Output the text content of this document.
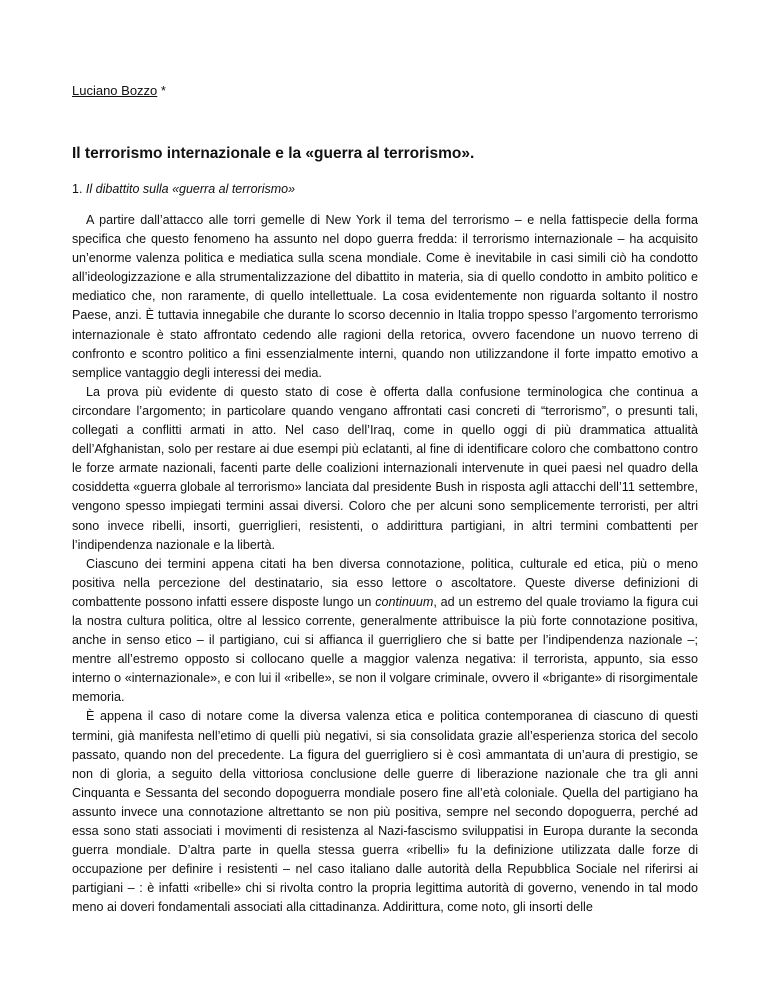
Luciano Bozzo *
Il terrorismo internazionale e la «guerra al terrorismo».
1. Il dibattito sulla «guerra al terrorismo»

A partire dall’attacco alle torri gemelle di New York il tema del terrorismo – e nella fattispecie della forma specifica che questo fenomeno ha assunto nel dopo guerra fredda: il terrorismo internazionale – ha acquisito un’enorme valenza politica e mediatica sulla scena mondiale. Come è inevitabile in casi simili ciò ha condotto all’ideologizzazione e alla strumentalizzazione del dibattito in materia, sia di quello condotto in ambito politico e mediatico che, non raramente, di quello intellettuale. La cosa evidentemente non riguarda soltanto il nostro Paese, anzi. È tuttavia innegabile che durante lo scorso decennio in Italia troppo spesso l’argomento terrorismo internazionale è stato affrontato cedendo alle ragioni della retorica, ovvero facendone un nuovo terreno di confronto e scontro politico a fini essenzialmente interni, quando non utilizzandone il forte impatto emotivo a semplice vantaggio degli interessi dei media.

La prova più evidente di questo stato di cose è offerta dalla confusione terminologica che continua a circondare l’argomento; in particolare quando vengano affrontati casi concreti di “terrorismo”, o presunti tali, collegati a conflitti armati in atto. Nel caso dell’Iraq, come in quello oggi di più drammatica attualità dell’Afghanistan, solo per restare ai due esempi più eclatanti, al fine di identificare coloro che combattono contro le forze armate nazionali, facenti parte delle coalizioni internazionali intervenute in quei paesi nel quadro della cosiddetta «guerra globale al terrorismo» lanciata dal presidente Bush in risposta agli attacchi dell’11 settembre, vengono spesso impiegati termini assai diversi. Coloro che per alcuni sono semplicemente terroristi, per altri sono invece ribelli, insorti, guerriglieri, resistenti, o addirittura partigiani, in altri termini combattenti per l’indipendenza nazionale e la libertà.

Ciascuno dei termini appena citati ha ben diversa connotazione, politica, culturale ed etica, più o meno positiva nella percezione del destinatario, sia esso lettore o ascoltatore. Queste diverse definizioni di combattente possono infatti essere disposte lungo un continuum, ad un estremo del quale troviamo la figura cui la nostra cultura politica, oltre al lessico corrente, generalmente attribuisce la più forte connotazione positiva, anche in senso etico – il partigiano, cui si affianca il guerrigliero che si batte per l’indipendenza nazionale –; mentre all’estremo opposto si collocano quelle a maggior valenza negativa: il terrorista, appunto, sia esso interno o «internazionale», e con lui il «ribelle», se non il volgare criminale, ovvero il «brigante» di risorgimentale memoria.

È appena il caso di notare come la diversa valenza etica e politica contemporanea di ciascuno di questi termini, già manifesta nell’etimo di quelli più negativi, si sia consolidata grazie all’esperienza storica del secolo passato, quando non del precedente. La figura del guerrigliero si è così ammantata di un’aura di prestigio, se non di gloria, a seguito della vittoriosa conclusione delle guerre di liberazione nazionale che tra gli anni Cinquanta e Sessanta del secondo dopoguerra mondiale posero fine all’età coloniale. Quella del partigiano ha assunto invece una connotazione altrettanto se non più positiva, sempre nel secondo dopoguerra, perché ad essa sono stati associati i movimenti di resistenza al Nazi-fascismo sviluppatisi in Europa durante la seconda guerra mondiale. D’altra parte in quella stessa guerra «ribelli» fu la definizione utilizzata dalle forze di occupazione per definire i resistenti – nel caso italiano dalle autorità della Repubblica Sociale nel riferirsi ai partigiani – : è infatti «ribelle» chi si rivolta contro la propria legittima autorità di governo, venendo in tal modo meno ai doveri fondamentali associati alla cittadinanza. Addirittura, come noto, gli insorti delle
